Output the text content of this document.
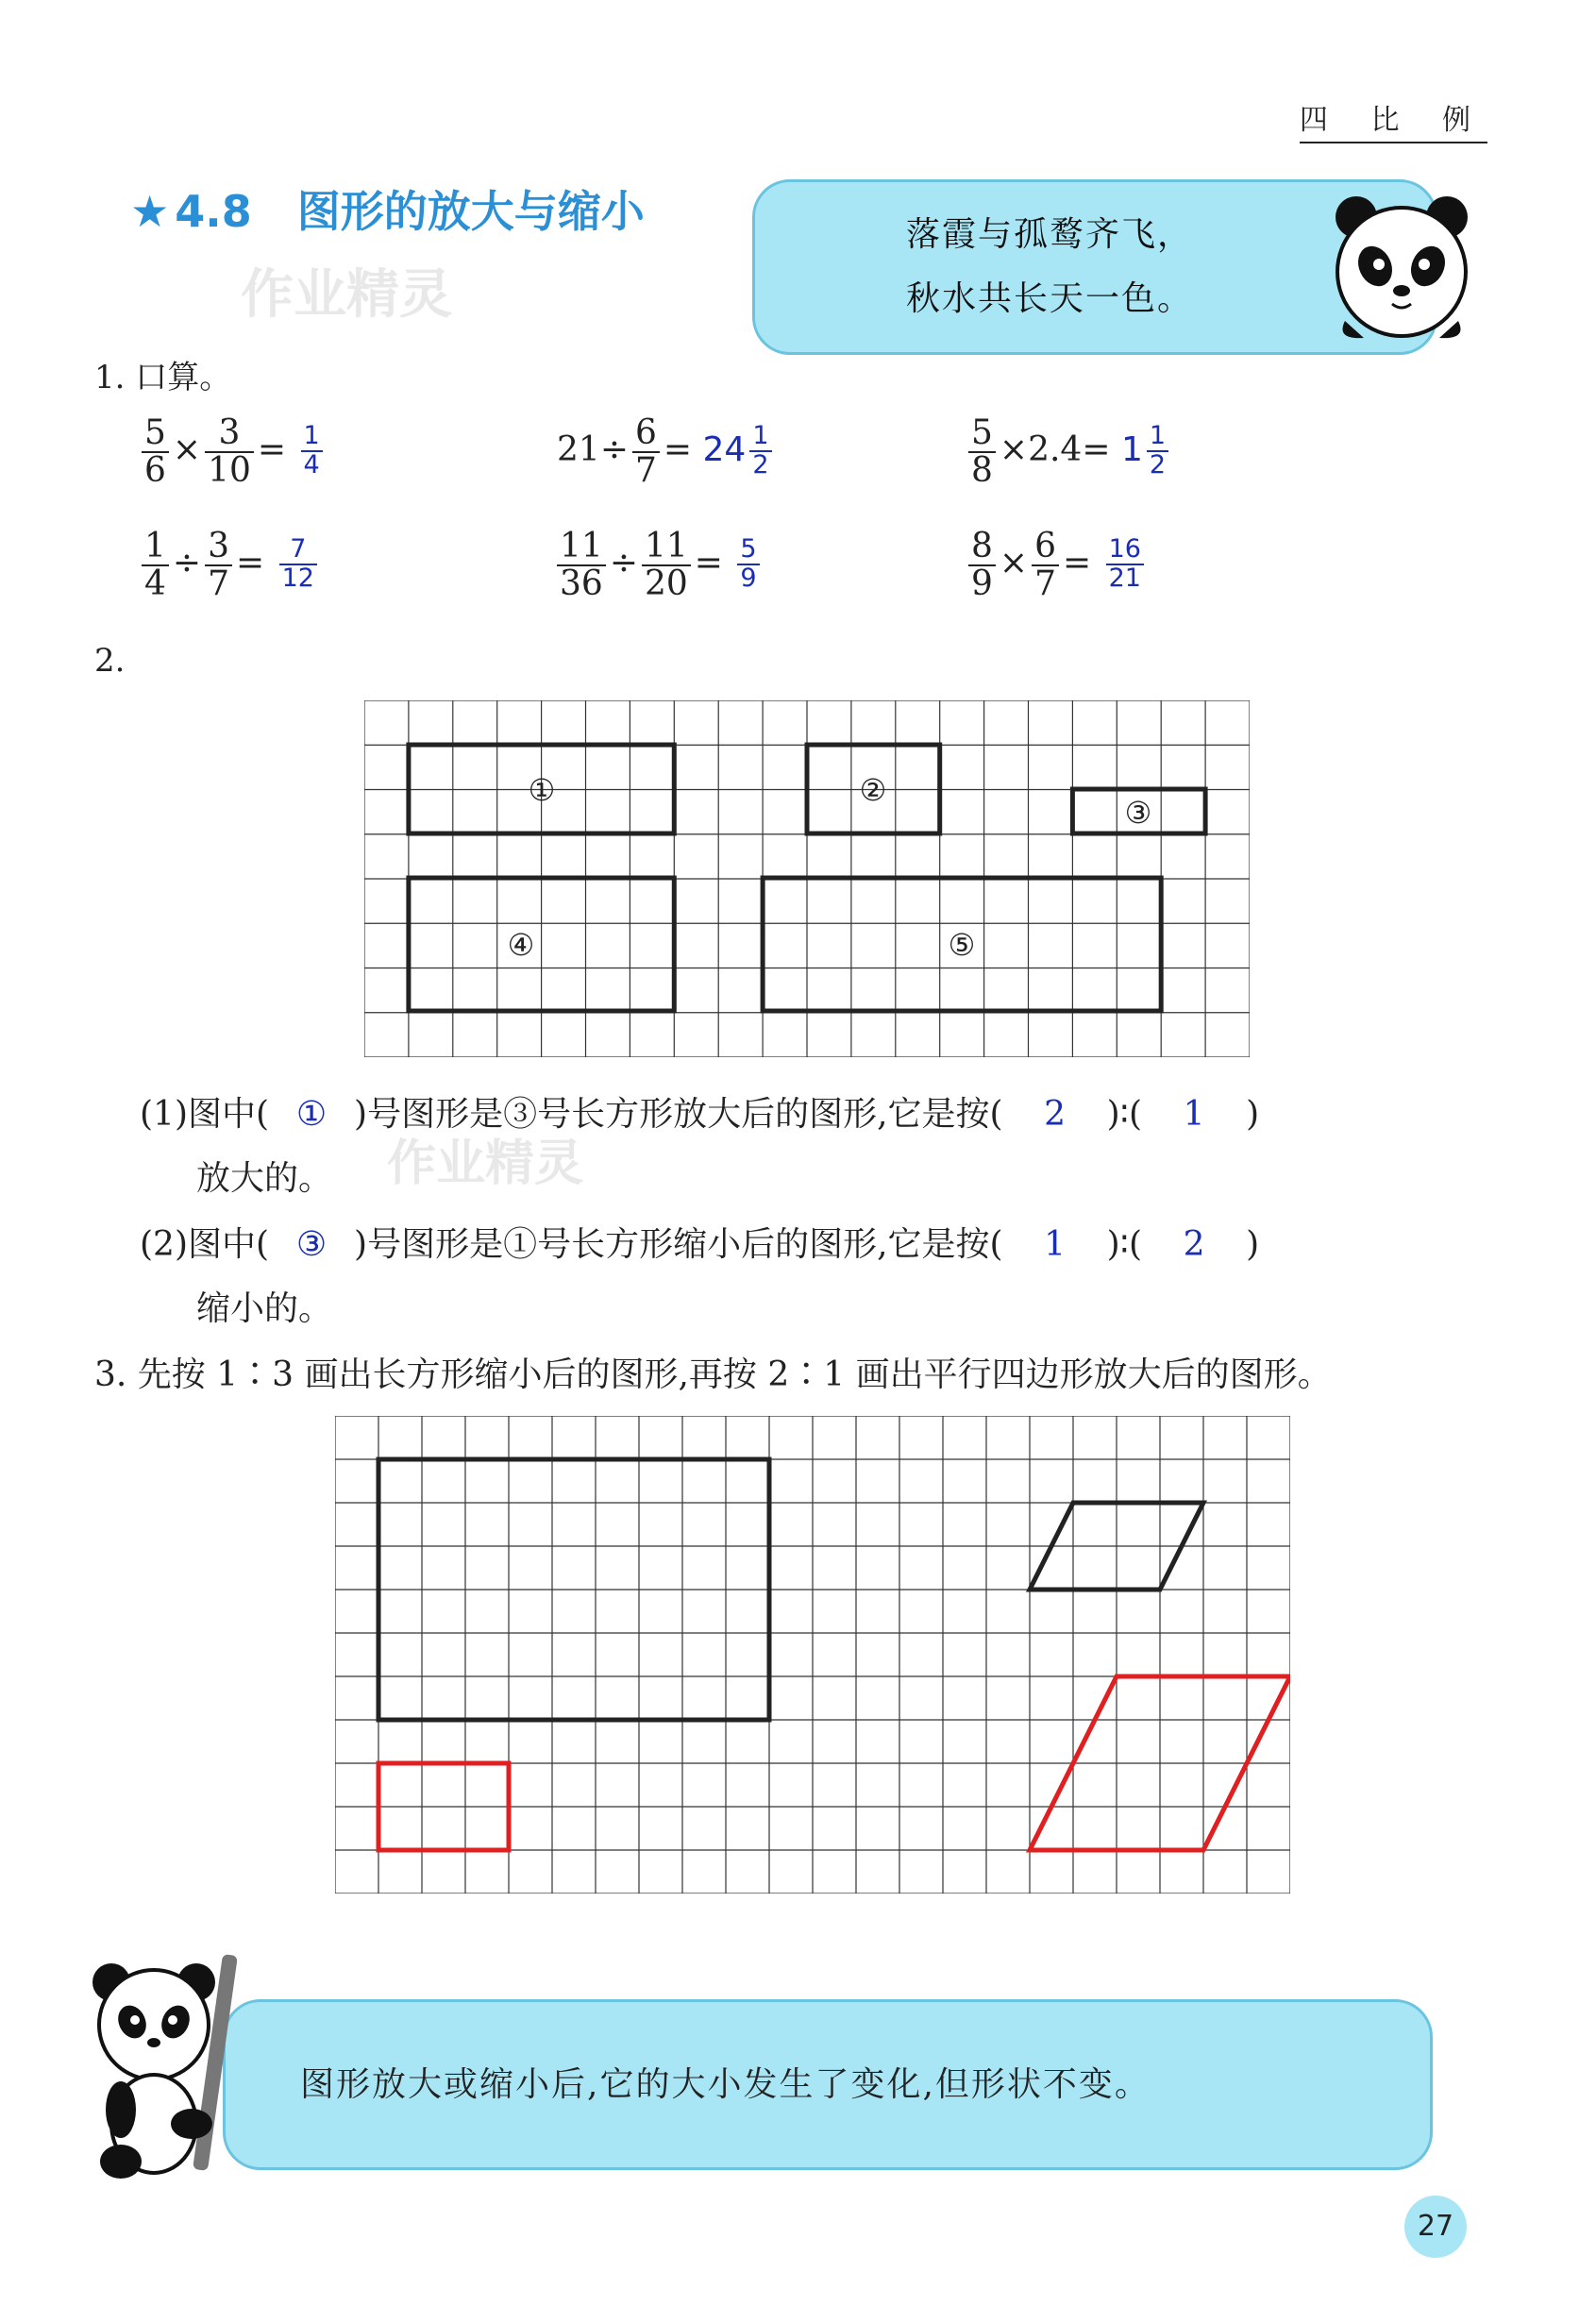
四 比 例
★ 4.8 图形的放大与缩小
作业精灵
落霞与孤鹜齐飞，
秋水共长天一色。
1. 口算。
$\frac{5}{6} \times \frac{3}{10} = \frac{1}{4}$	$21\div \frac{6}{7} = 24 \frac{1}{2}$	$\frac{5}{8} \times 2.4= 1 \frac{1}{2}$
$\frac{1}{4} \div \frac{3}{7} = \frac{7}{12}$	$\frac{11}{36} \div \frac{11}{20} = \frac{5}{9}$	$\frac{8}{9} \times \frac{6}{7} = \frac{16}{21}$
2.
①	②
③
④	⑤
(1)图中( ① )号图形是③号长方形放大后的图形,它是按( 2 )∶( 1 )
放大的。 作业精灵
(2)图中( ③ )号图形是①号长方形缩小后的图形,它是按( 1 )∶( 2 )
缩小的。
3. 先按 1∶3 画出长方形缩小后的图形,再按 2∶1 画出平行四边形放大后的图形。
图形放大或缩小后,它的大小发生了变化,但形状不变。
27
